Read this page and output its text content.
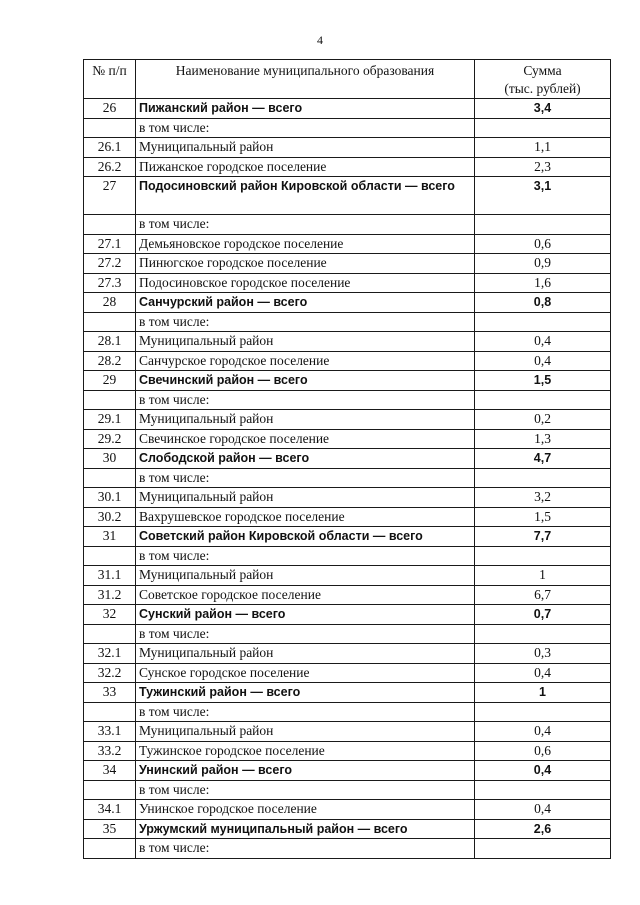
4
№ п/п	Наименование муниципального образования	Сумма
(тыс. рублей)

26	Пижанский район — всего	3,4
	в том числе:	
26.1	Муниципальный район	1,1
26.2	Пижанское городское поселение	2,3
27	Подосиновский район Кировской области — всего	3,1
	в том числе:	
27.1	Демьяновское городское поселение	0,6
27.2	Пинюгское городское поселение	0,9
27.3	Подосиновское городское поселение	1,6
28	Санчурский район — всего	0,8
	в том числе:	
28.1	Муниципальный район	0,4
28.2	Санчурское городское поселение	0,4
29	Свечинский район — всего	1,5
	в том числе:	
29.1	Муниципальный район	0,2
29.2	Свечинское городское поселение	1,3
30	Слободской район — всего	4,7
	в том числе:	
30.1	Муниципальный район	3,2
30.2	Вахрушевское городское поселение	1,5
31	Советский район Кировской области — всего	7,7
	в том числе:	
31.1	Муниципальный район	1
31.2	Советское городское поселение	6,7
32	Сунский район — всего	0,7
	в том числе:	
32.1	Муниципальный район	0,3
32.2	Сунское городское поселение	0,4
33	Тужинский район — всего	1
	в том числе:	
33.1	Муниципальный район	0,4
33.2	Тужинское городское поселение	0,6
34	Унинский район — всего	0,4
	в том числе:	
34.1	Унинское городское поселение	0,4
35	Уржумский муниципальный район — всего	2,6
	в том числе:	
